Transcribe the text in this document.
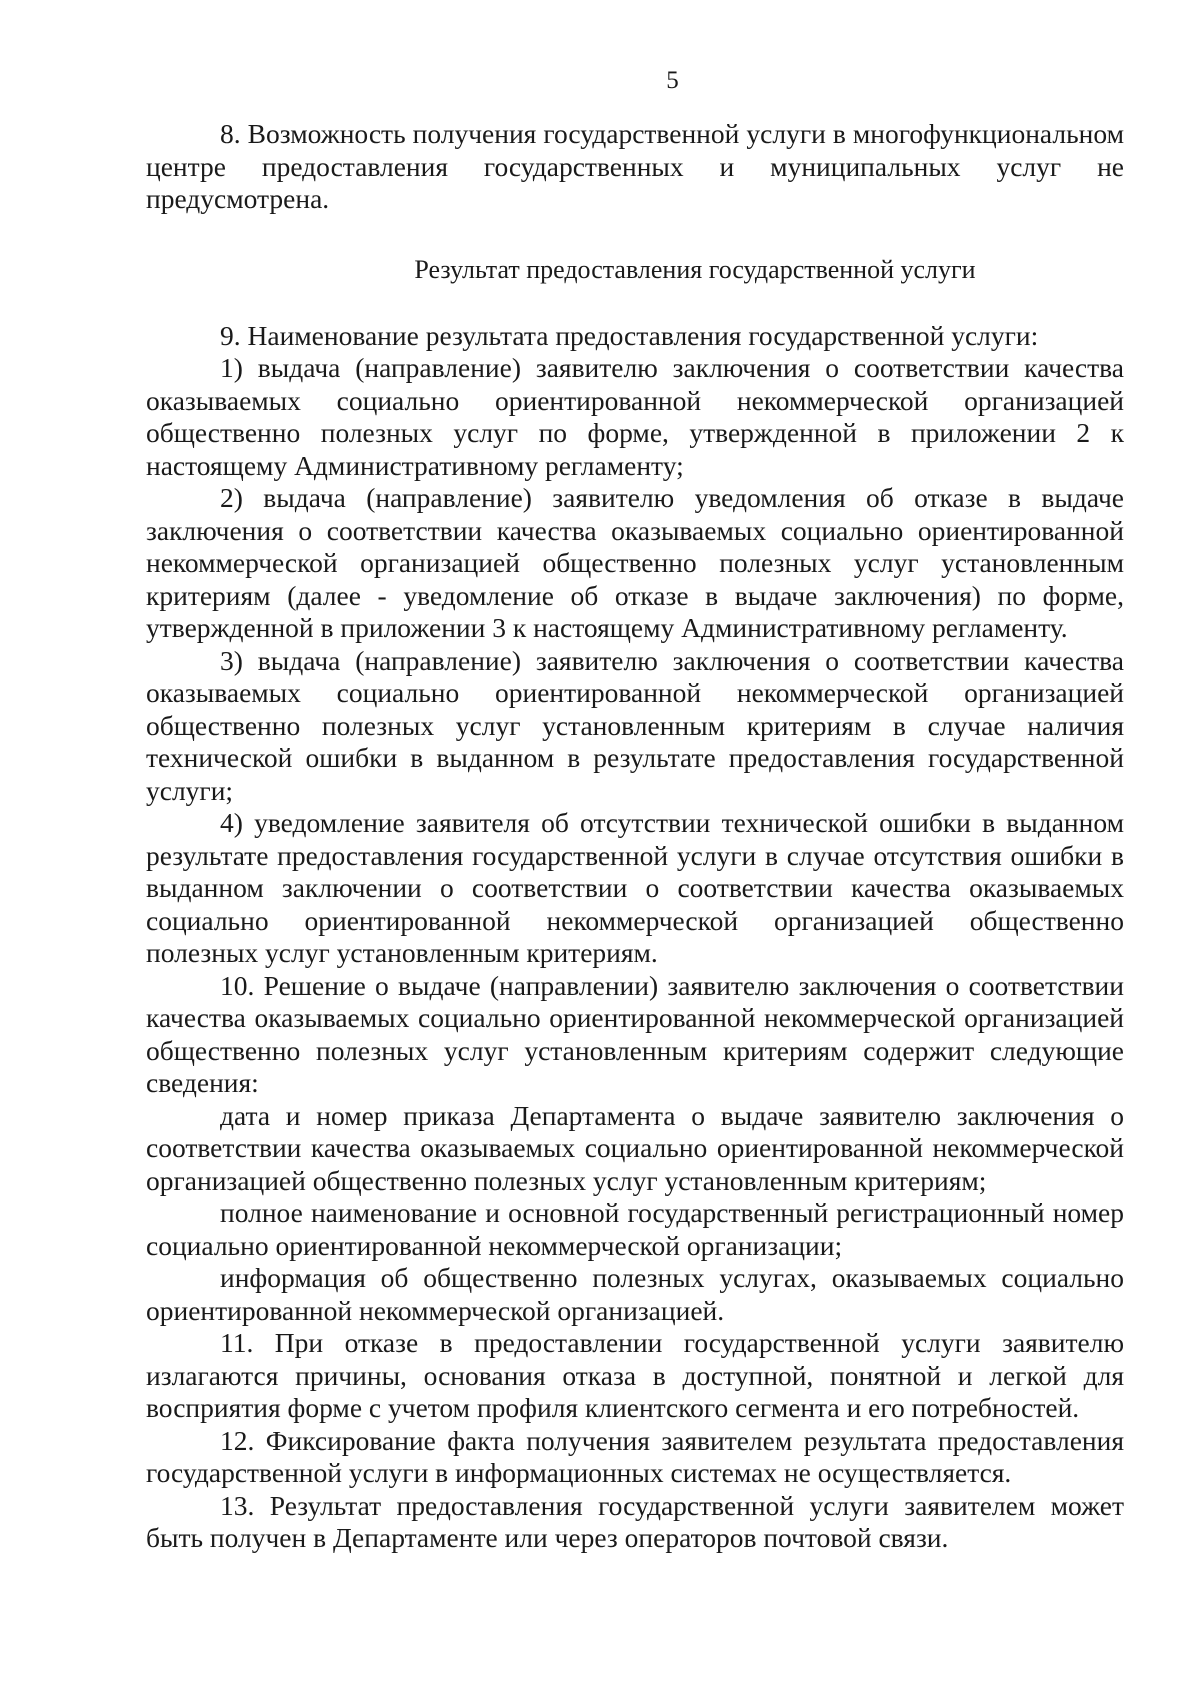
5

8. Возможность получения государственной услуги в многофункциональном центре предоставления государственных и муниципальных услуг не предусмотрена.

Результат предоставления государственной услуги

9. Наименование результата предоставления государственной услуги:

1) выдача (направление) заявителю заключения о соответствии качества оказываемых социально ориентированной некоммерческой организацией общественно полезных услуг по форме, утвержденной в приложении 2 к настоящему Административному регламенту;

2) выдача (направление) заявителю уведомления об отказе в выдаче заключения о соответствии качества оказываемых социально ориентированной некоммерческой организацией общественно полезных услуг установленным критериям (далее - уведомление об отказе в выдаче заключения) по форме, утвержденной в приложении 3 к настоящему Административному регламенту.

3) выдача (направление) заявителю заключения о соответствии качества оказываемых социально ориентированной некоммерческой организацией общественно полезных услуг установленным критериям в случае наличия технической ошибки в выданном в результате предоставления государственной услуги;

4) уведомление заявителя об отсутствии технической ошибки в выданном результате предоставления государственной услуги в случае отсутствия ошибки в выданном заключении о соответствии о соответствии качества оказываемых социально ориентированной некоммерческой организацией общественно полезных услуг установленным критериям.

10. Решение о выдаче (направлении) заявителю заключения о соответствии качества оказываемых социально ориентированной некоммерческой организацией общественно полезных услуг установленным критериям содержит следующие сведения:

дата и номер приказа Департамента о выдаче заявителю заключения о соответствии качества оказываемых социально ориентированной некоммерческой организацией общественно полезных услуг установленным критериям;

полное наименование и основной государственный регистрационный номер социально ориентированной некоммерческой организации;

информация об общественно полезных услугах, оказываемых социально ориентированной некоммерческой организацией.

11. При отказе в предоставлении государственной услуги заявителю излагаются причины, основания отказа в доступной, понятной и легкой для восприятия форме с учетом профиля клиентского сегмента и его потребностей.

12. Фиксирование факта получения заявителем результата предоставления государственной услуги в информационных системах не осуществляется.

13. Результат предоставления государственной услуги заявителем может быть получен в Департаменте или через операторов почтовой связи.
